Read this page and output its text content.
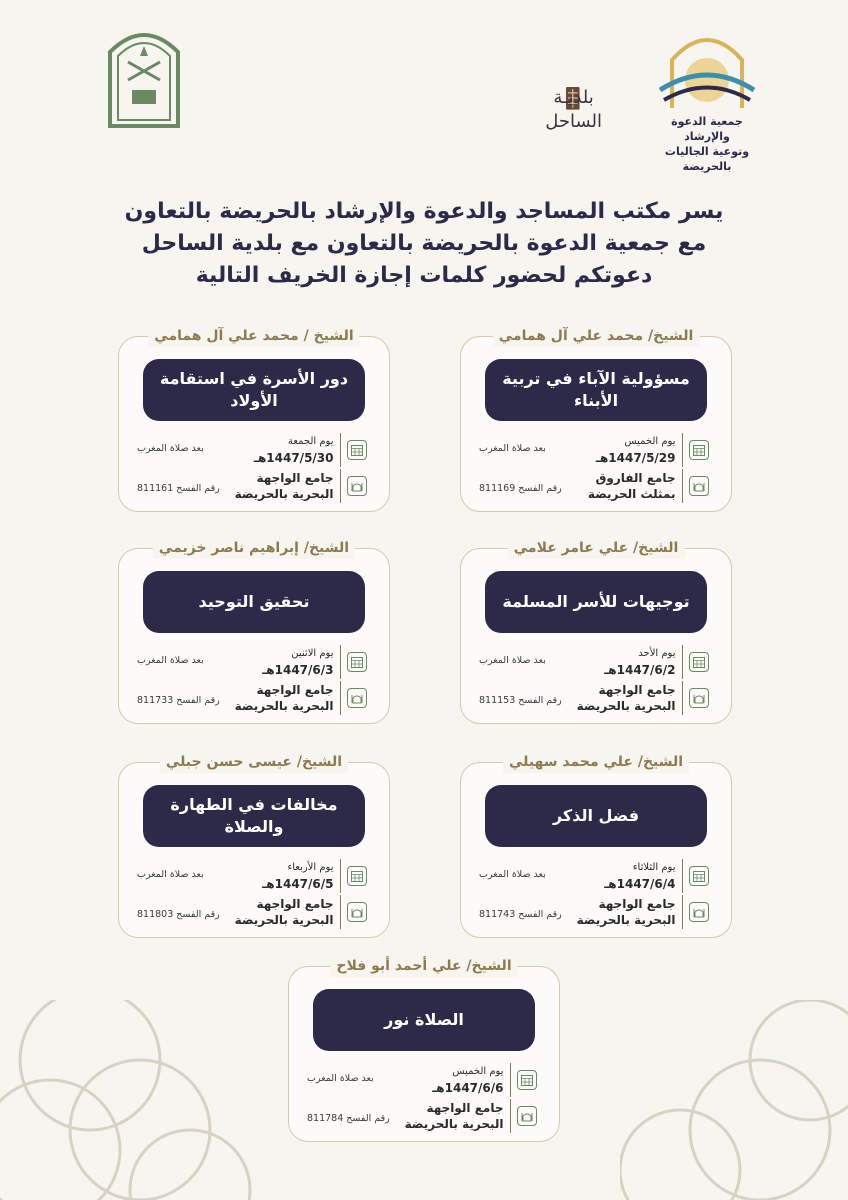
بلديـة
الساحل	جمعية الدعوة والإرشاد
وتوعية الجاليات بالحريضة
يسر مكتب المساجد والدعوة والإرشاد بالحريضة بالتعاون
مع جمعية الدعوة بالحريضة بالتعاون مع بلدية الساحل
دعوتكم لحضور كلمات إجازة الخريف التالية
الشيخ/ محمد علي آل همامي
مسؤولية الآباء في تربية الأبناء
يوم الخميس
1447/5/29هـ
جامع الفاروق
بمثلث الحريضة
بعد صلاة المغرب
رقم الفسح 811169
الشيخ / محمد علي آل همامي
دور الأسرة في استقامة الأولاد
يوم الجمعة
1447/5/30هـ
جامع الواجهة
البحرية بالحريضة
بعد صلاة المغرب
رقم الفسح 811161
الشيخ/ علي عامر علامي
توجيهات للأسر المسلمة
يوم الأحد
1447/6/2هـ
جامع الواجهة
البحرية بالحريضة
بعد صلاة المغرب
رقم الفسح 811153
الشيخ/ إبراهيم ناصر خزيمي
تحقيق التوحيد
يوم الاثنين
1447/6/3هـ
جامع الواجهة
البحرية بالحريضة
بعد صلاة المغرب
رقم الفسح 811733
الشيخ/ علي محمد سهيلي
فضل الذكر
يوم الثلاثاء
1447/6/4هـ
جامع الواجهة
البحرية بالحريضة
بعد صلاة المغرب
رقم الفسح 811743
الشيخ/ عيسى حسن جبلي
مخالفات في الطهارة والصلاة
يوم الأربعاء
1447/6/5هـ
جامع الواجهة
البحرية بالحريضة
بعد صلاة المغرب
رقم الفسح 811803
الشيخ/ علي أحمد أبو فلاح
الصلاة نور
يوم الخميس
1447/6/6هـ
جامع الواجهة
البحرية بالحريضة
بعد صلاة المغرب
رقم الفسح 811784
